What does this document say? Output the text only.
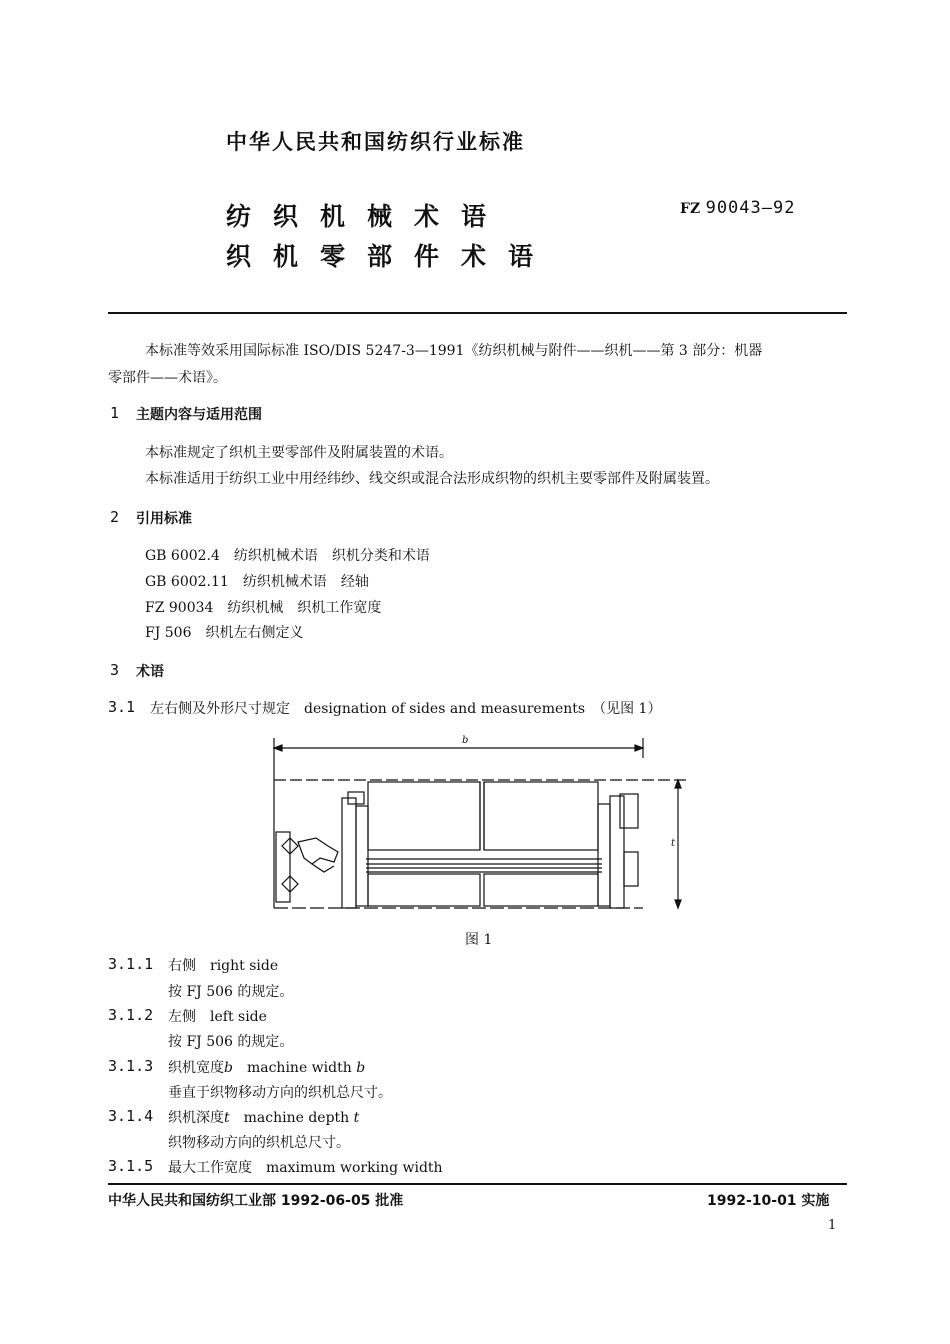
中华人民共和国纺织行业标准
纺织机械术语
织机零部件术语
FZ 90043—92
本标准等效采用国际标准 ISO/DIS 5247-3—1991《纺织机械与附件——织机——第 3 部分：机器
零部件——术语》。
1 主题内容与适用范围
本标准规定了织机主要零部件及附属装置的术语。
本标准适用于纺织工业中用经纬纱、线交织或混合法形成织物的织机主要零部件及附属装置。
2 引用标准
GB 6002.4　纺织机械术语　织机分类和术语
GB 6002.11　纺织机械术语　经轴
FZ 90034　纺织机械　织机工作宽度
FJ 506　织机左右侧定义
3 术语
3.1 左右侧及外形尺寸规定　designation of sides and measurements　（见图 1）
b
t
图 1
3.1.1 右侧　 right side
按 FJ 506 的规定。
3.1.2 左侧　 left side
按 FJ 506 的规定。
3.1.3 织机宽度b　 machine width b
垂直于织物移动方向的织机总尺寸。
3.1.4 织机深度t　 machine depth t
织物移动方向的织机总尺寸。
3.1.5 最大工作宽度　 maximum working width
中华人民共和国纺织工业部 1992-06-05 批准	1992-10-01 实施
1
